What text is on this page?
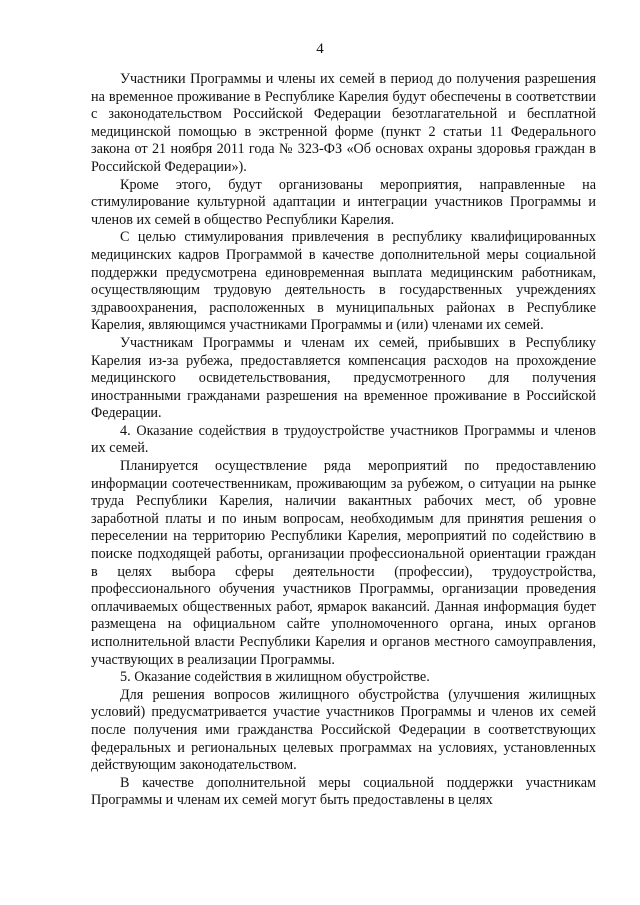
4

Участники Программы и члены их семей в период до получения разрешения на временное проживание в Республике Карелия будут обеспечены в соответствии с законодательством Российской Федерации безотлагательной и бесплатной медицинской помощью в экстренной форме (пункт 2 статьи 11 Федерального закона от 21 ноября 2011 года № 323-ФЗ «Об основах охраны здоровья граждан в Российской Федерации»).

Кроме этого, будут организованы мероприятия, направленные на стимулирование культурной адаптации и интеграции участников Программы и членов их семей в общество Республики Карелия.

С целью стимулирования привлечения в республику квалифицированных медицинских кадров Программой в качестве дополнительной меры социальной поддержки предусмотрена единовременная выплата медицинским работникам, осуществляющим трудовую деятельность в государственных учреждениях здравоохранения, расположенных в муниципальных районах в Республике Карелия, являющимся участниками Программы и (или) членами их семей.

Участникам Программы и членам их семей, прибывших в Республику Карелия из-за рубежа, предоставляется компенсация расходов на прохождение медицинского освидетельствования, предусмотренного для получения иностранными гражданами разрешения на временное проживание в Российской Федерации.

4. Оказание содействия в трудоустройстве участников Программы и членов их семей.

Планируется осуществление ряда мероприятий по предоставлению информации соотечественникам, проживающим за рубежом, о ситуации на рынке труда Республики Карелия, наличии вакантных рабочих мест, об уровне заработной платы и по иным вопросам, необходимым для принятия решения о переселении на территорию Республики Карелия, мероприятий по содействию в поиске подходящей работы, организации профессиональной ориентации граждан в целях выбора сферы деятельности (профессии), трудоустройства, профессионального обучения участников Программы, организации проведения оплачиваемых общественных работ, ярмарок вакансий. Данная информация будет размещена на официальном сайте уполномоченного органа, иных органов исполнительной власти Республики Карелия и органов местного самоуправления, участвующих в реализации Программы.

5. Оказание содействия в жилищном обустройстве.

Для решения вопросов жилищного обустройства (улучшения жилищных условий) предусматривается участие участников Программы и членов их семей после получения ими гражданства Российской Федерации в соответствующих федеральных и региональных целевых программах на условиях, установленных действующим законодательством.

В качестве дополнительной меры социальной поддержки участникам Программы и членам их семей могут быть предоставлены в целях
